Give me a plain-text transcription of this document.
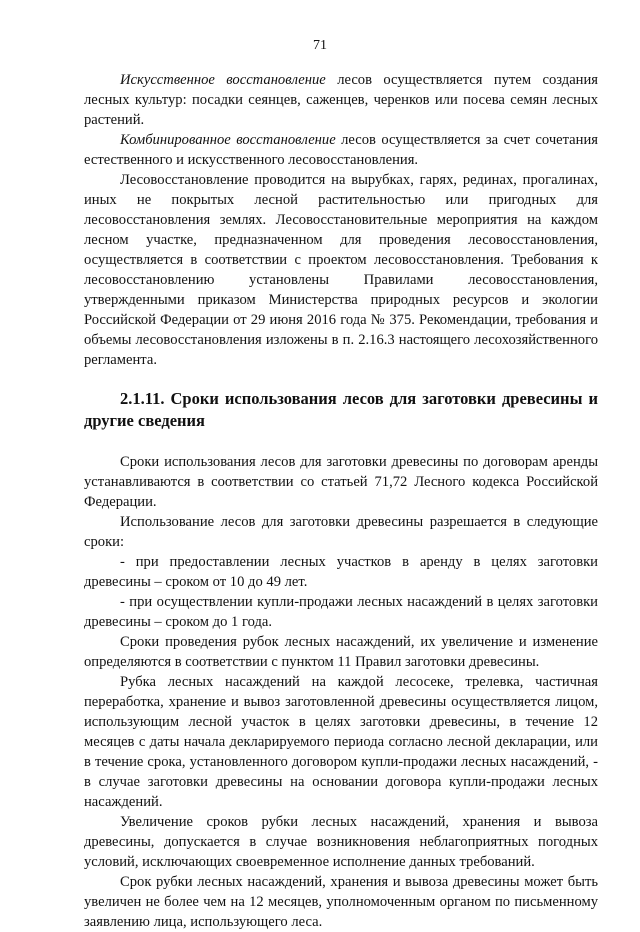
71

Искусственное восстановление лесов осуществляется путем создания лесных культур: посадки сеянцев, саженцев, черенков или посева семян лесных растений.

Комбинированное восстановление лесов осуществляется за счет сочетания естественного и искусственного лесовосстановления.

Лесовосстановление проводится на вырубках, гарях, рединах, прогалинах, иных не покрытых лесной растительностью или пригодных для лесовосстановления землях. Лесовосстановительные мероприятия на каждом лесном участке, предназначенном для проведения лесовосстановления, осуществляется в соответствии с проектом лесовосстановления. Требования к лесовосстановлению установлены Правилами лесовосстановления, утвержденными приказом Министерства природных ресурсов и экологии Российской Федерации от 29 июня 2016 года № 375. Рекомендации, требования и объемы лесовосстановления изложены в п. 2.16.3 настоящего лесохозяйственного регламента.

2.1.11. Сроки использования лесов для заготовки древесины и другие сведения

Сроки использования лесов для заготовки древесины по договорам аренды устанавливаются в соответствии со статьей 71,72 Лесного кодекса Российской Федерации.

Использование лесов для заготовки древесины разрешается в следующие сроки:

- при предоставлении лесных участков в аренду в целях заготовки древесины – сроком от 10 до 49 лет.

- при осуществлении купли-продажи лесных насаждений в целях заготовки древесины – сроком до 1 года.

Сроки проведения рубок лесных насаждений, их увеличение и изменение определяются в соответствии с пунктом 11 Правил заготовки древесины.

Рубка лесных насаждений на каждой лесосеке, трелевка, частичная переработка, хранение и вывоз заготовленной древесины осуществляется лицом, использующим лесной участок в целях заготовки древесины, в течение 12 месяцев с даты начала декларируемого периода согласно лесной декларации, или в течение срока, установленного договором купли-продажи лесных насаждений, - в случае заготовки древесины на основании договора купли-продажи лесных насаждений.

Увеличение сроков рубки лесных насаждений, хранения и вывоза древесины, допускается в случае возникновения неблагоприятных погодных условий, исключающих своевременное исполнение данных требований.

Срок рубки лесных насаждений, хранения и вывоза древесины может быть увеличен не более чем на 12 месяцев, уполномоченным органом по письменному заявлению лица, использующего леса.
